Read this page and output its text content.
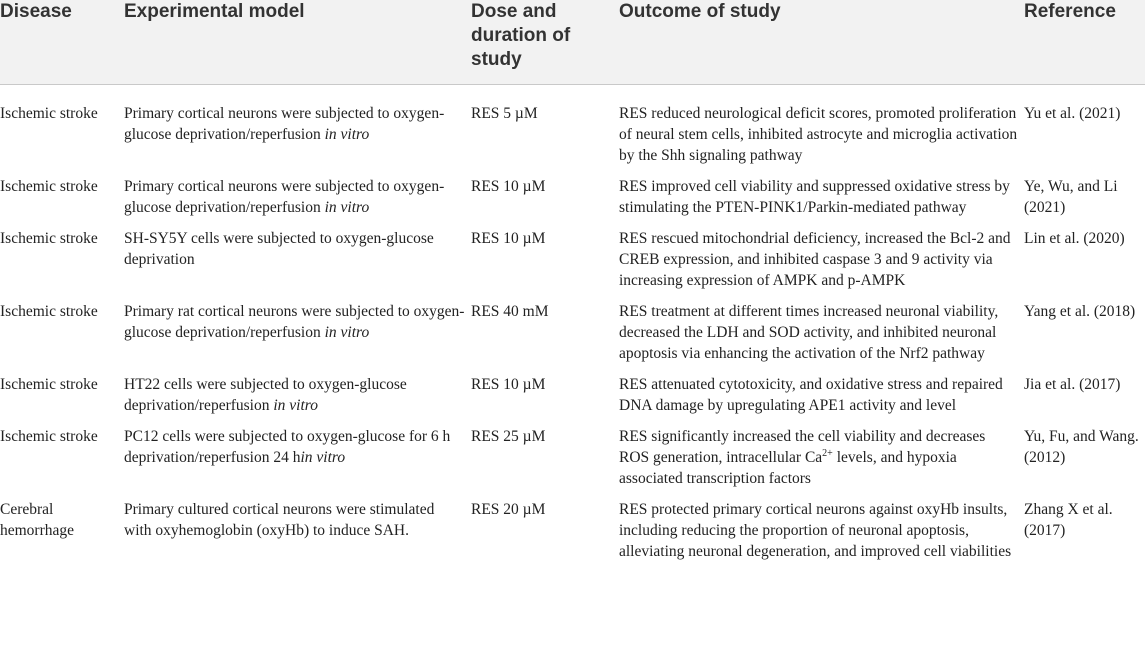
Disease	Experimental model	Dose and duration of study	Outcome of study	Reference
Ischemic stroke	Primary cortical neurons were subjected to oxygen-glucose deprivation/reperfusion in vitro	RES 5 µM	RES reduced neurological deficit scores, promoted proliferation of neural stem cells, inhibited astrocyte and microglia activation by the Shh signaling pathway	Yu et al. (2021)
Ischemic stroke	Primary cortical neurons were subjected to oxygen-glucose deprivation/reperfusion in vitro	RES 10 µM	RES improved cell viability and suppressed oxidative stress by stimulating the PTEN-PINK1/Parkin-mediated pathway	Ye, Wu, and Li (2021)
Ischemic stroke	SH-SY5Y cells were subjected to oxygen-glucose deprivation	RES 10 µM	RES rescued mitochondrial deficiency, increased the Bcl-2 and CREB expression, and inhibited caspase 3 and 9 activity via increasing expression of AMPK and p-AMPK	Lin et al. (2020)
Ischemic stroke	Primary rat cortical neurons were subjected to oxygen-glucose deprivation/reperfusion in vitro	RES 40 mM	RES treatment at different times increased neuronal viability, decreased the LDH and SOD activity, and inhibited neuronal apoptosis via enhancing the activation of the Nrf2 pathway	Yang et al. (2018)
Ischemic stroke	HT22 cells were subjected to oxygen-glucose deprivation/reperfusion in vitro	RES 10 µM	RES attenuated cytotoxicity, and oxidative stress and repaired DNA damage by upregulating APE1 activity and level	Jia et al. (2017)
Ischemic stroke	PC12 cells were subjected to oxygen-glucose for 6 h deprivation/reperfusion 24 hin vitro	RES 25 µM	RES significantly increased the cell viability and decreases ROS generation, intracellular $Ca^{2+}$ levels, and hypoxia associated transcription factors	Yu, Fu, and Wang. (2012)
Cerebral hemorrhage	Primary cultured cortical neurons were stimulated with oxyhemoglobin (oxyHb) to induce SAH.	RES 20 µM	RES protected primary cortical neurons against oxyHb insults, including reducing the proportion of neuronal apoptosis, alleviating neuronal degeneration, and improved cell viabilities	Zhang X et al. (2017)
